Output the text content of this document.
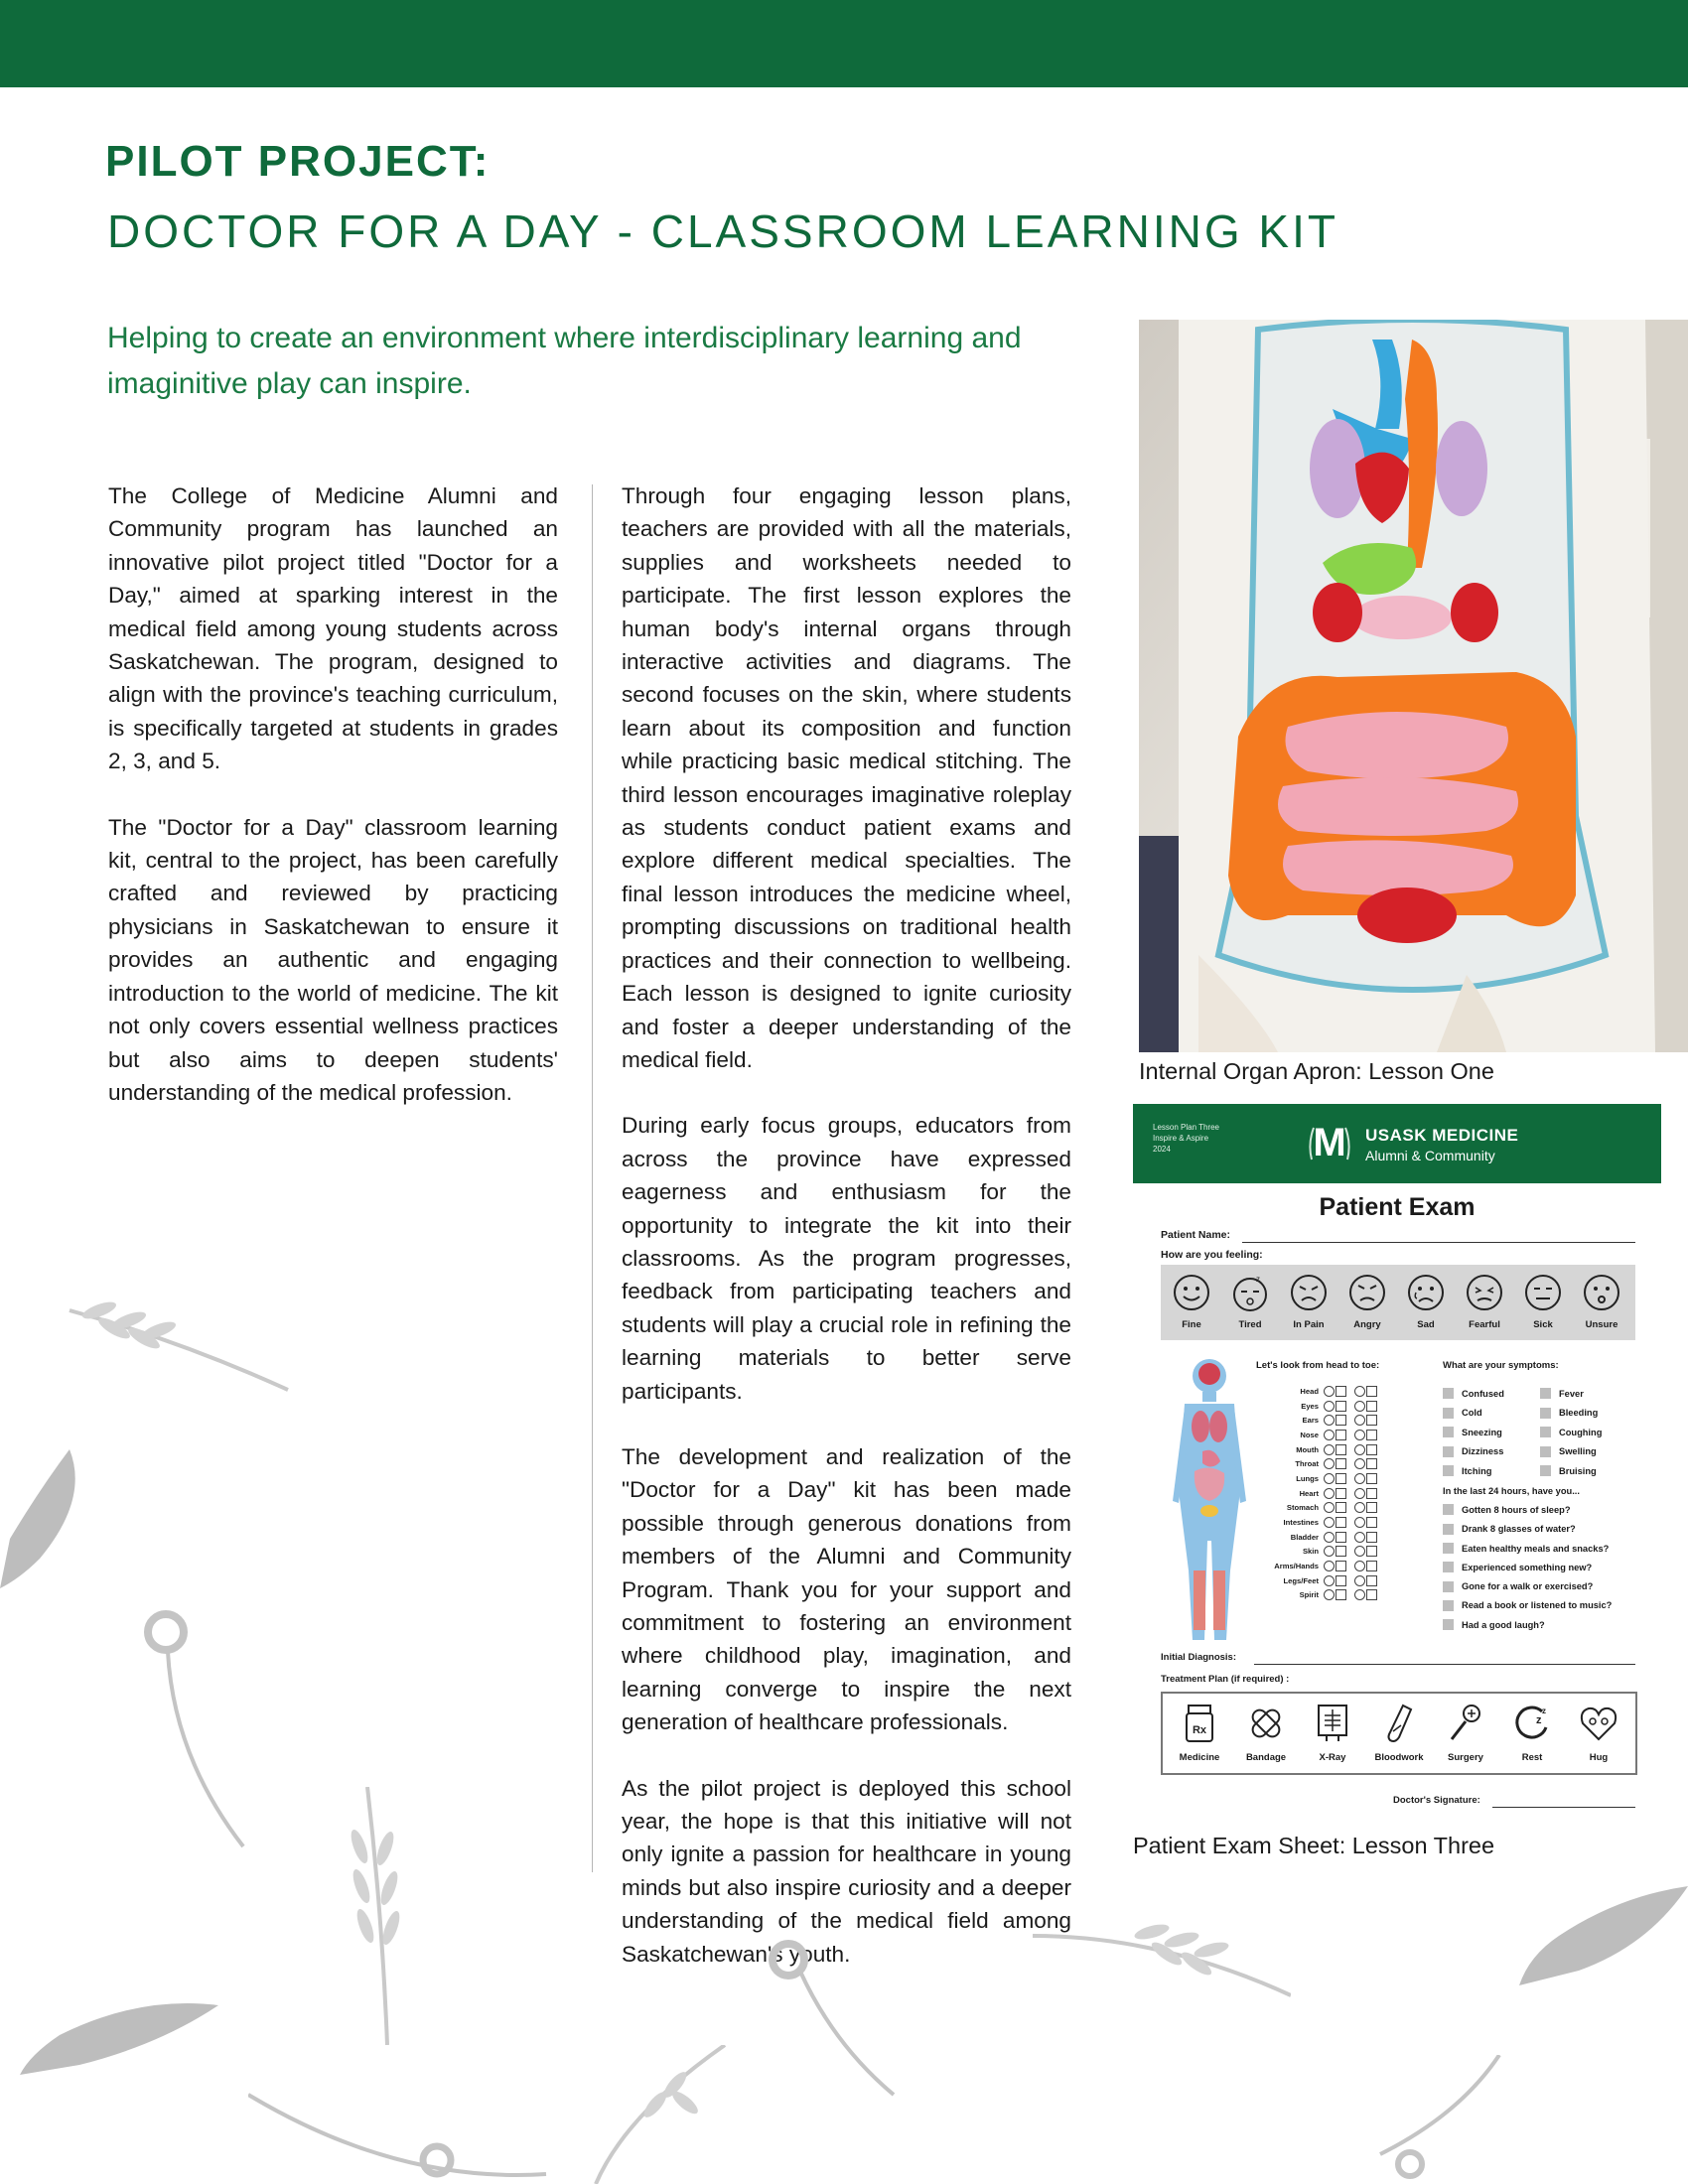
PILOT PROJECT:
DOCTOR FOR A DAY - CLASSROOM LEARNING KIT

Helping to create an environment where interdisciplinary learning and imaginitive play can inspire.

The College of Medicine Alumni and Community program has launched an innovative pilot project titled "Doctor for a Day," aimed at sparking interest in the medical field among young students across Saskatchewan. The program, designed to align with the province's teaching curriculum, is specifically targeted at students in grades 2, 3, and 5.

The "Doctor for a Day" classroom learning kit, central to the project, has been carefully crafted and reviewed by practicing physicians in Saskatchewan to ensure it provides an authentic and engaging introduction to the world of medicine. The kit not only covers essential wellness practices but also aims to deepen students' understanding of the medical profession.

Through four engaging lesson plans, teachers are provided with all the materials, supplies and worksheets needed to participate. The first lesson explores the human body's internal organs through interactive activities and diagrams. The second focuses on the skin, where students learn about its composition and function while practicing basic medical stitching. The third lesson encourages imaginative roleplay as students conduct patient exams and explore different medical specialties. The final lesson introduces the medicine wheel, prompting discussions on traditional health practices and their connection to wellbeing. Each lesson is designed to ignite curiosity and foster a deeper understanding of the medical field.

During early focus groups, educators from across the province have expressed eagerness and enthusiasm for the opportunity to integrate the kit into their classrooms. As the program progresses, feedback from participating teachers and students will play a crucial role in refining the learning materials to better serve participants.

The development and realization of the "Doctor for a Day" kit has been made possible through generous donations from members of the Alumni and Community Program. Thank you for your support and commitment to fostering an environment where childhood play, imagination, and learning converge to inspire the next generation of healthcare professionals.

As the pilot project is deployed this school year, the hope is that this initiative will not only ignite a passion for healthcare in young minds but also inspire curiosity and a deeper understanding of the medical field among Saskatchewan's youth.

Internal Organ Apron: Lesson One
Lesson Plan Three
Inspire & Aspire
2024	M USASK MEDICINE
Alumni & Community
Patient Exam
Patient Name:
How are you feeling:
Fine
z
Tired	In Pain	Angry	Sad	Fearful	Sick	Unsure
Let's look from head to toe:	What are your symptoms:
Head
Eyes
Ears
Nose
Mouth
Throat
Lungs
Heart
Stomach
Intestines
Bladder
Skin
Arms/Hands
Legs/Feet
Spirit
Confused	Fever
Cold	Bleeding
Sneezing	Coughing
Dizziness	Swelling
Itching	Bruising
In the last 24 hours, have you...
Gotten 8 hours of sleep?
Drank 8 glasses of water?
Eaten healthy meals and snacks?
Experienced something new?
Gone for a walk or exercised?
Read a book or listened to music?
Had a good laugh?
Initial Diagnosis:
Treatment Plan (if required) :
Rx
Medicine	Bandage	X-Ray	Bloodwork	Surgery
z
z
Rest	Hug
Doctor's Signature:
Patient Exam Sheet: Lesson Three
